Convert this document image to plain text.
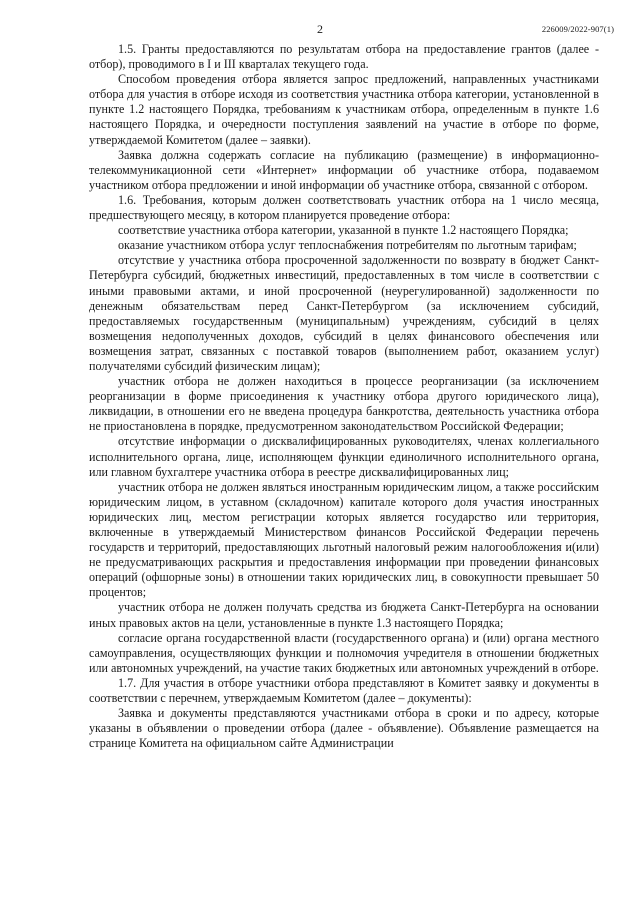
2	226009/2022-907(1)

1.5. Гранты предоставляются по результатам отбора на предоставление грантов (далее - отбор), проводимого в I и III кварталах текущего года.

Способом проведения отбора является запрос предложений, направленных участниками отбора для участия в отборе исходя из соответствия участника отбора категории, установленной в пункте 1.2 настоящего Порядка, требованиям к участникам отбора, определенным в пункте 1.6 настоящего Порядка, и очередности поступления заявлений на участие в отборе по форме, утверждаемой Комитетом (далее – заявки).

Заявка должна содержать согласие на публикацию (размещение) в информационно-телекоммуникационной сети «Интернет» информации об участнике отбора, подаваемом участником отбора предложении и иной информации об участнике отбора, связанной с отбором.

1.6. Требования, которым должен соответствовать участник отбора на 1 число месяца, предшествующего месяцу, в котором планируется проведение отбора:

соответствие участника отбора категории, указанной в пункте 1.2 настоящего Порядка;

оказание участником отбора услуг теплоснабжения потребителям по льготным тарифам;

отсутствие у участника отбора просроченной задолженности по возврату в бюджет Санкт-Петербурга субсидий, бюджетных инвестиций, предоставленных в том числе в соответствии с иными правовыми актами, и иной просроченной (неурегулированной) задолженности по денежным обязательствам перед Санкт-Петербургом (за исключением субсидий, предоставляемых государственным (муниципальным) учреждениям, субсидий в целях возмещения недополученных доходов, субсидий в целях финансового обеспечения или возмещения затрат, связанных с поставкой товаров (выполнением работ, оказанием услуг) получателями субсидий физическим лицам);

участник отбора не должен находиться в процессе реорганизации (за исключением реорганизации в форме присоединения к участнику отбора другого юридического лица), ликвидации, в отношении его не введена процедура банкротства, деятельность участника отбора не приостановлена в порядке, предусмотренном законодательством Российской Федерации;

отсутствие информации о дисквалифицированных руководителях, членах коллегиального исполнительного органа, лице, исполняющем функции единоличного исполнительного органа, или главном бухгалтере участника отбора в реестре дисквалифицированных лиц;

участник отбора не должен являться иностранным юридическим лицом, а также российским юридическим лицом, в уставном (складочном) капитале которого доля участия иностранных юридических лиц, местом регистрации которых является государство или территория, включенные в утверждаемый Министерством финансов Российской Федерации перечень государств и территорий, предоставляющих льготный налоговый режим налогообложения и(или) не предусматривающих раскрытия и предоставления информации при проведении финансовых операций (офшорные зоны) в отношении таких юридических лиц, в совокупности превышает 50 процентов;

участник отбора не должен получать средства из бюджета Санкт-Петербурга на основании иных правовых актов на цели, установленные в пункте 1.3 настоящего Порядка;

согласие органа государственной власти (государственного органа) и (или) органа местного самоуправления, осуществляющих функции и полномочия учредителя в отношении бюджетных или автономных учреждений, на участие таких бюджетных или автономных учреждений в отборе.

1.7. Для участия в отборе участники отбора представляют в Комитет заявку и документы в соответствии с перечнем, утверждаемым Комитетом (далее – документы):

Заявка и документы представляются участниками отбора в сроки и по адресу, которые указаны в объявлении о проведении отбора (далее - объявление). Объявление размещается на странице Комитета на официальном сайте Администрации
